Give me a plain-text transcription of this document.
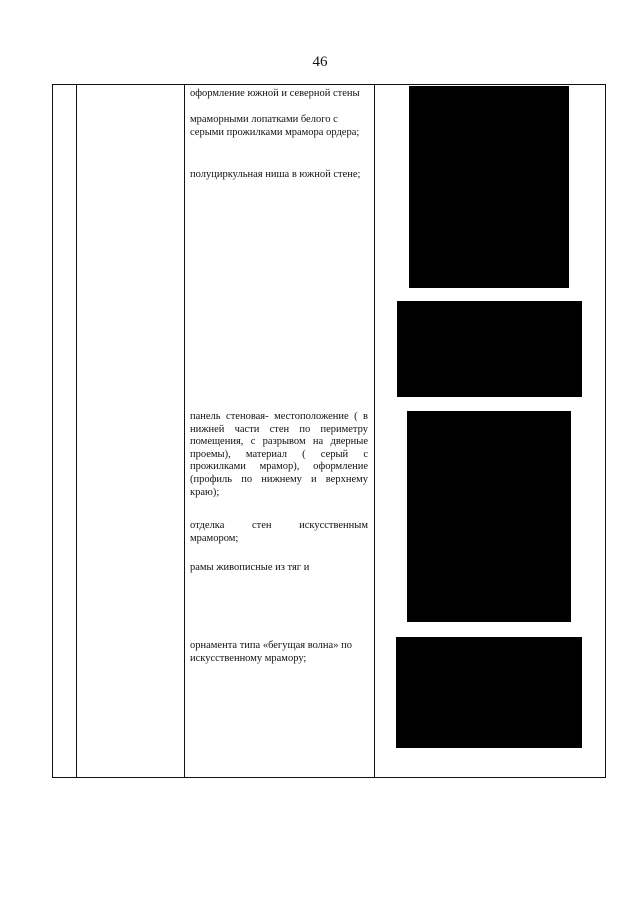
46

оформление южной и северной стены

мраморными лопатками белого с серыми прожилками мрамора ордера;

полуциркульная ниша в южной стене;

панель стеновая- местоположение ( в нижней части стен по периметру помещения, с разрывом на дверные проемы), материал ( серый с прожилками мрамор), оформление (профиль по нижнему и верхнему краю);

отделка стен искусственным мрамором;

рамы живописные из тяг и

орнамента типа «бегущая волна» по искусственному мрамору;
